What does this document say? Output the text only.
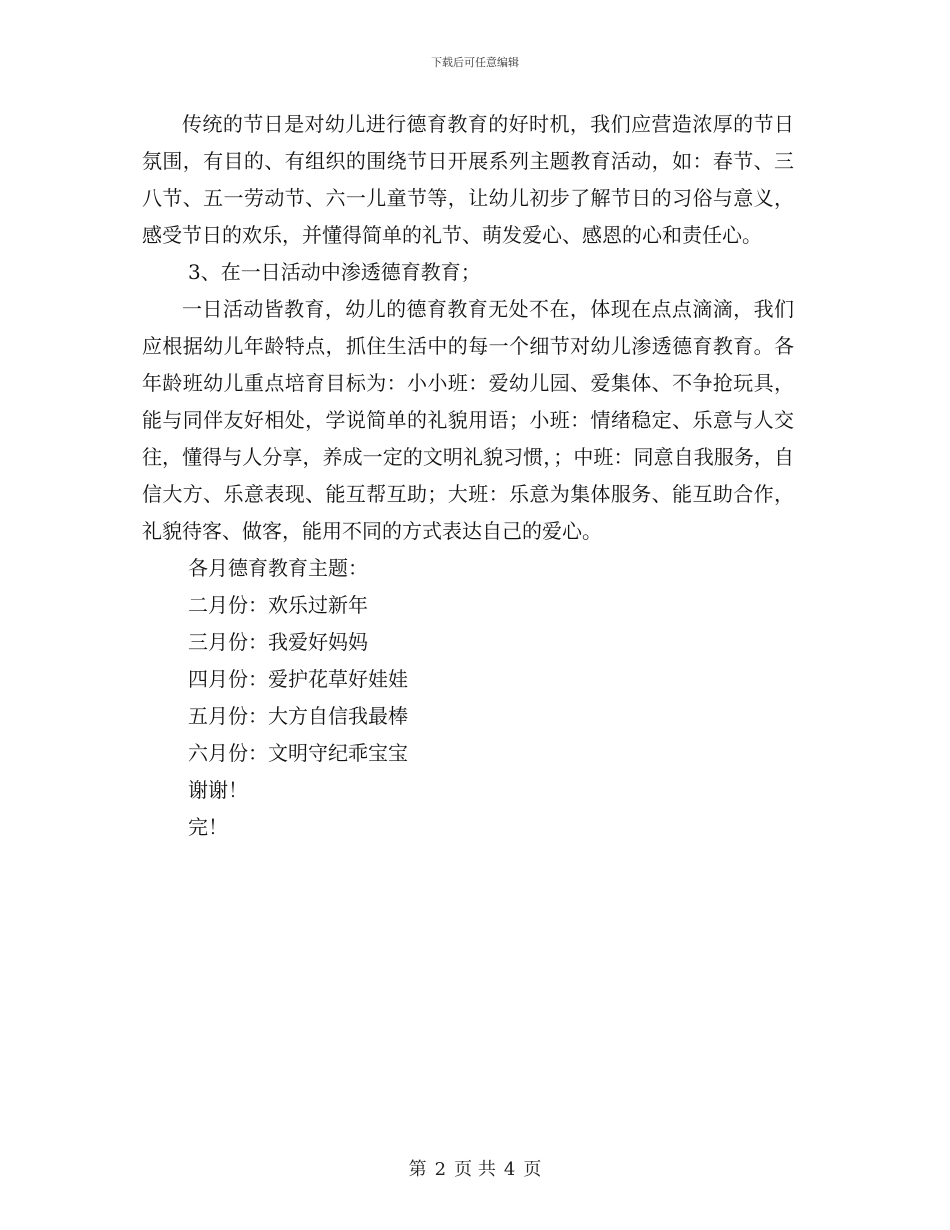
下载后可任意编辑

传统的节日是对幼儿进行德育教育的好时机，我们应营造浓厚的节日氛围，有目的、有组织的围绕节日开展系列主题教育活动，如：春节、三八节、五一劳动节、六一儿童节等，让幼儿初步了解节日的习俗与意义，感受节日的欢乐，并懂得简单的礼节、萌发爱心、感恩的心和责任心。

3、在一日活动中渗透德育教育；

一日活动皆教育，幼儿的德育教育无处不在，体现在点点滴滴，我们应根据幼儿年龄特点，抓住生活中的每一个细节对幼儿渗透德育教育。各年龄班幼儿重点培育目标为：小小班：爱幼儿园、爱集体、不争抢玩具，能与同伴友好相处，学说简单的礼貌用语；小班：情绪稳定、乐意与人交往，懂得与人分享，养成一定的文明礼貌习惯，；中班：同意自我服务，自信大方、乐意表现、能互帮互助；大班：乐意为集体服务、能互助合作，礼貌待客、做客，能用不同的方式表达自己的爱心。

各月德育教育主题：

二月份：欢乐过新年

三月份：我爱好妈妈

四月份：爱护花草好娃娃

五月份：大方自信我最棒

六月份：文明守纪乖宝宝

谢谢！

完！

第 2 页 共 4 页
